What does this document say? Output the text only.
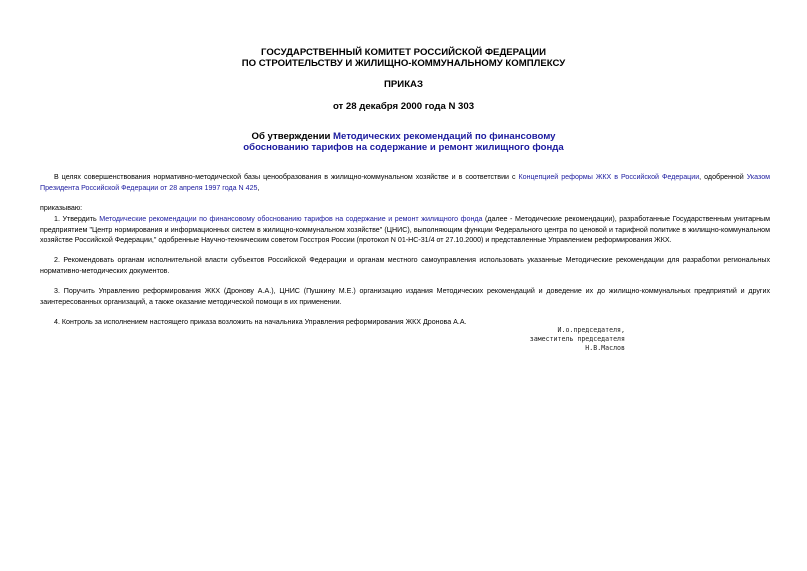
ГОСУДАРСТВЕННЫЙ КОМИТЕТ РОССИЙСКОЙ ФЕДЕРАЦИИ
ПО СТРОИТЕЛЬСТВУ И ЖИЛИЩНО-КОММУНАЛЬНОМУ КОМПЛЕКСУ
ПРИКАЗ
от 28 декабря 2000 года N 303
Об утверждении Методических рекомендаций по финансовому
обоснованию тарифов на содержание и ремонт жилищного фонда
В целях совершенствования нормативно-методической базы ценообразования в жилищно-коммунальном хозяйстве и в соответствии с Концепцией реформы ЖКХ в Российской Федерации, одобренной Указом Президента Российской Федерации от 28 апреля 1997 года N 425,
приказываю:
1. Утвердить Методические рекомендации по финансовому обоснованию тарифов на содержание и ремонт жилищного фонда (далее - Методические рекомендации), разработанные Государственным унитарным предприятием "Центр нормирования и информационных систем в жилищно-коммунальном хозяйстве" (ЦНИС), выполняющим функции Федерального центра по ценовой и тарифной политике в жилищно-коммунальном хозяйстве Российской Федерации," одобренные Научно-техническим советом Госстроя России (протокол N 01-НС-31/4 от 27.10.2000) и представленные Управлением реформирования ЖКХ.
2. Рекомендовать органам исполнительной власти субъектов Российской Федерации и органам местного самоуправления использовать указанные Методические рекомендации для разработки региональных нормативно-методических документов.
3. Поручить Управлению реформирования ЖКХ (Дронову А.А.), ЦНИС (Пушкину М.Е.) организацию издания Методических рекомендаций и доведение их до жилищно-коммунальных предприятий и других заинтересованных организаций, а также оказание методической помощи в их применении.
4. Контроль за исполнением настоящего приказа возложить на начальника Управления реформирования ЖКХ Дронова А.А.
И.о.председателя,
заместитель председателя
Н.В.Маслов
